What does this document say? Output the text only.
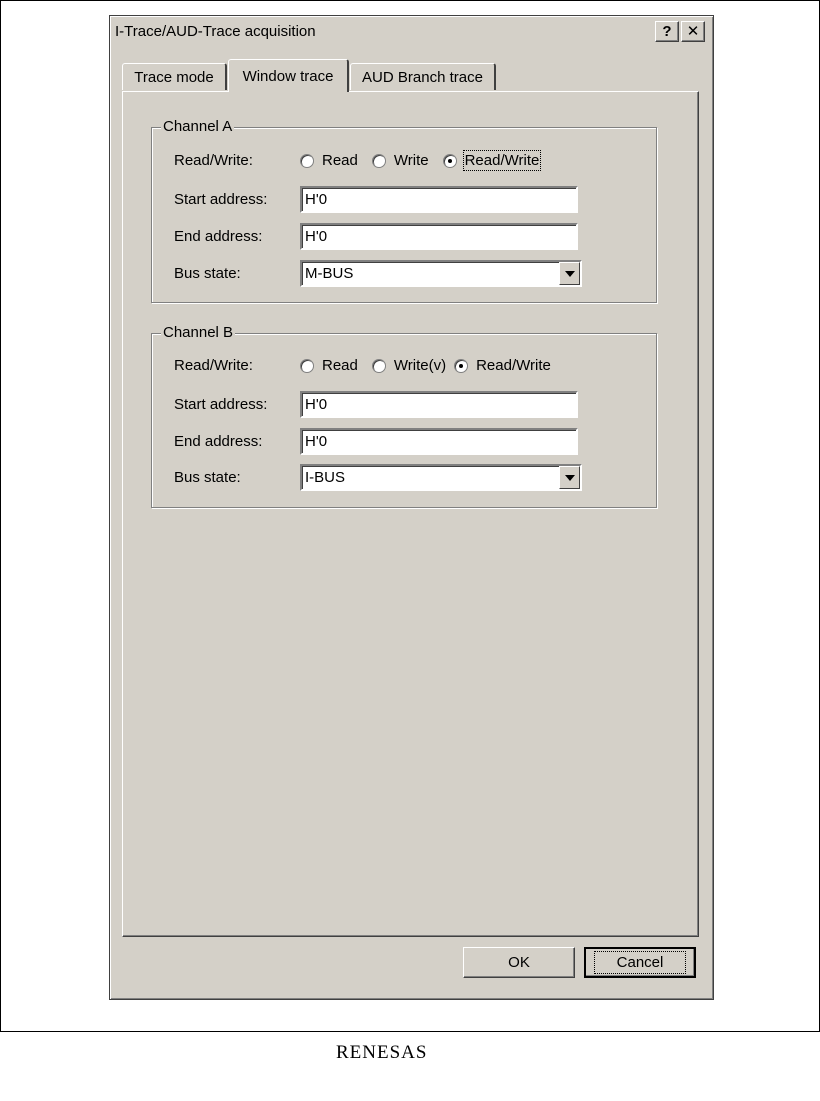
I-Trace/AUD-Trace acquisition	?	✕
Trace mode	Window trace	AUD Branch trace
Channel A
Read/Write:	Read Write Read/Write
Start address:	H'0
End address:	H'0
Bus state:	M-BUS
Channel B
Read/Write:	Read Write(v) Read/Write
Start address:	H'0
End address:	H'0
Bus state:	I-BUS
OK	Cancel
RENESAS
